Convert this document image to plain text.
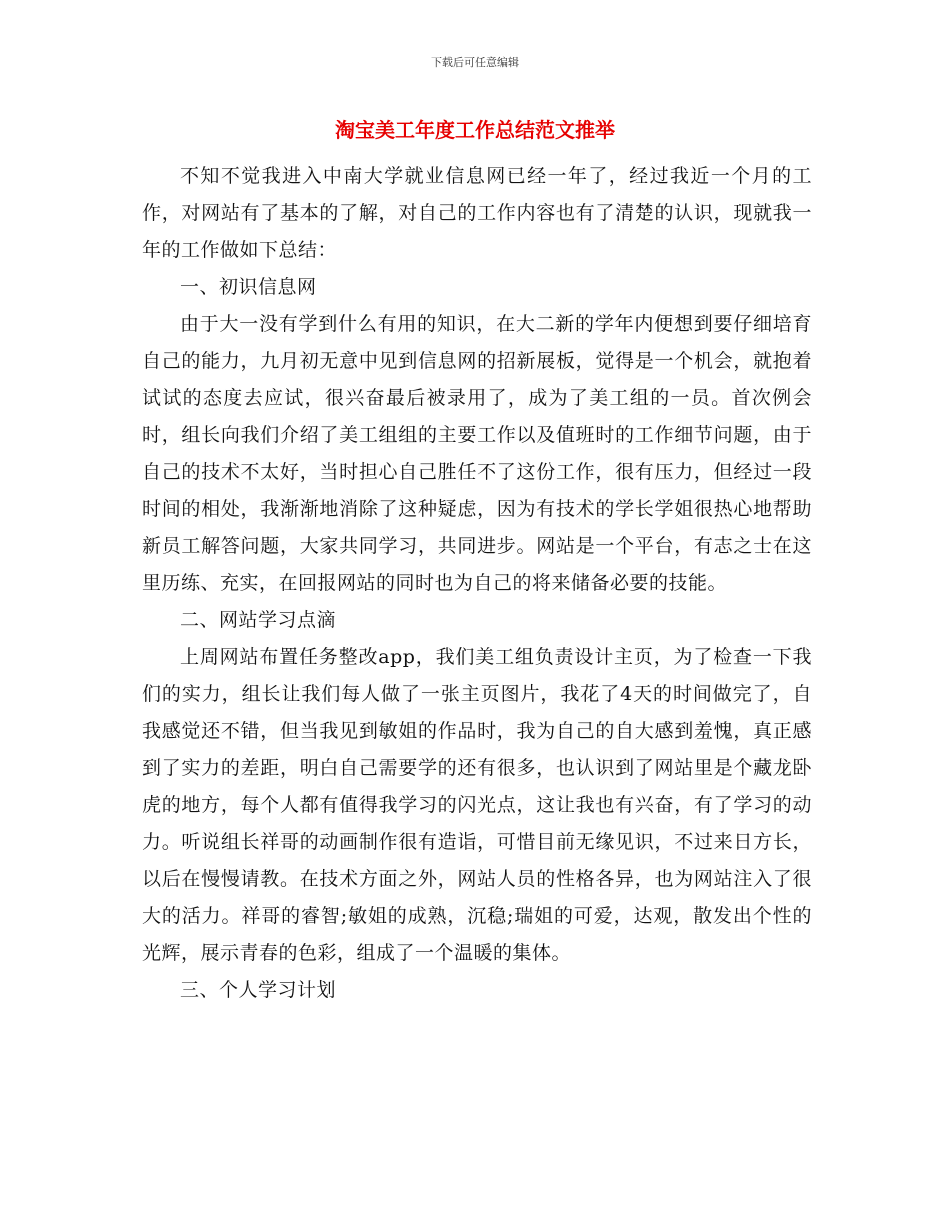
下载后可任意编辑
淘宝美工年度工作总结范文推举

不知不觉我进入中南大学就业信息网已经一年了，经过我近一个月的工作，对网站有了基本的了解，对自己的工作内容也有了清楚的认识，现就我一年的工作做如下总结：

一、初识信息网

由于大一没有学到什么有用的知识，在大二新的学年内便想到要仔细培育自己的能力，九月初无意中见到信息网的招新展板，觉得是一个机会，就抱着试试的态度去应试，很兴奋最后被录用了，成为了美工组的一员。首次例会时，组长向我们介绍了美工组组的主要工作以及值班时的工作细节问题，由于自己的技术不太好，当时担心自己胜任不了这份工作，很有压力，但经过一段时间的相处，我渐渐地消除了这种疑虑，因为有技术的学长学姐很热心地帮助新员工解答问题，大家共同学习，共同进步。网站是一个平台，有志之士在这里历练、充实，在回报网站的同时也为自己的将来储备必要的技能。

二、网站学习点滴

上周网站布置任务整改app，我们美工组负责设计主页，为了检查一下我们的实力，组长让我们每人做了一张主页图片，我花了4天的时间做完了，自我感觉还不错，但当我见到敏姐的作品时，我为自己的自大感到羞愧，真正感到了实力的差距，明白自己需要学的还有很多，也认识到了网站里是个藏龙卧虎的地方，每个人都有值得我学习的闪光点，这让我也有兴奋，有了学习的动力。听说组长祥哥的动画制作很有造诣，可惜目前无缘见识，不过来日方长，以后在慢慢请教。在技术方面之外，网站人员的性格各异，也为网站注入了很大的活力。祥哥的睿智;敏姐的成熟，沉稳;瑞姐的可爱，达观，散发出个性的光辉，展示青春的色彩，组成了一个温暖的集体。

三、个人学习计划
